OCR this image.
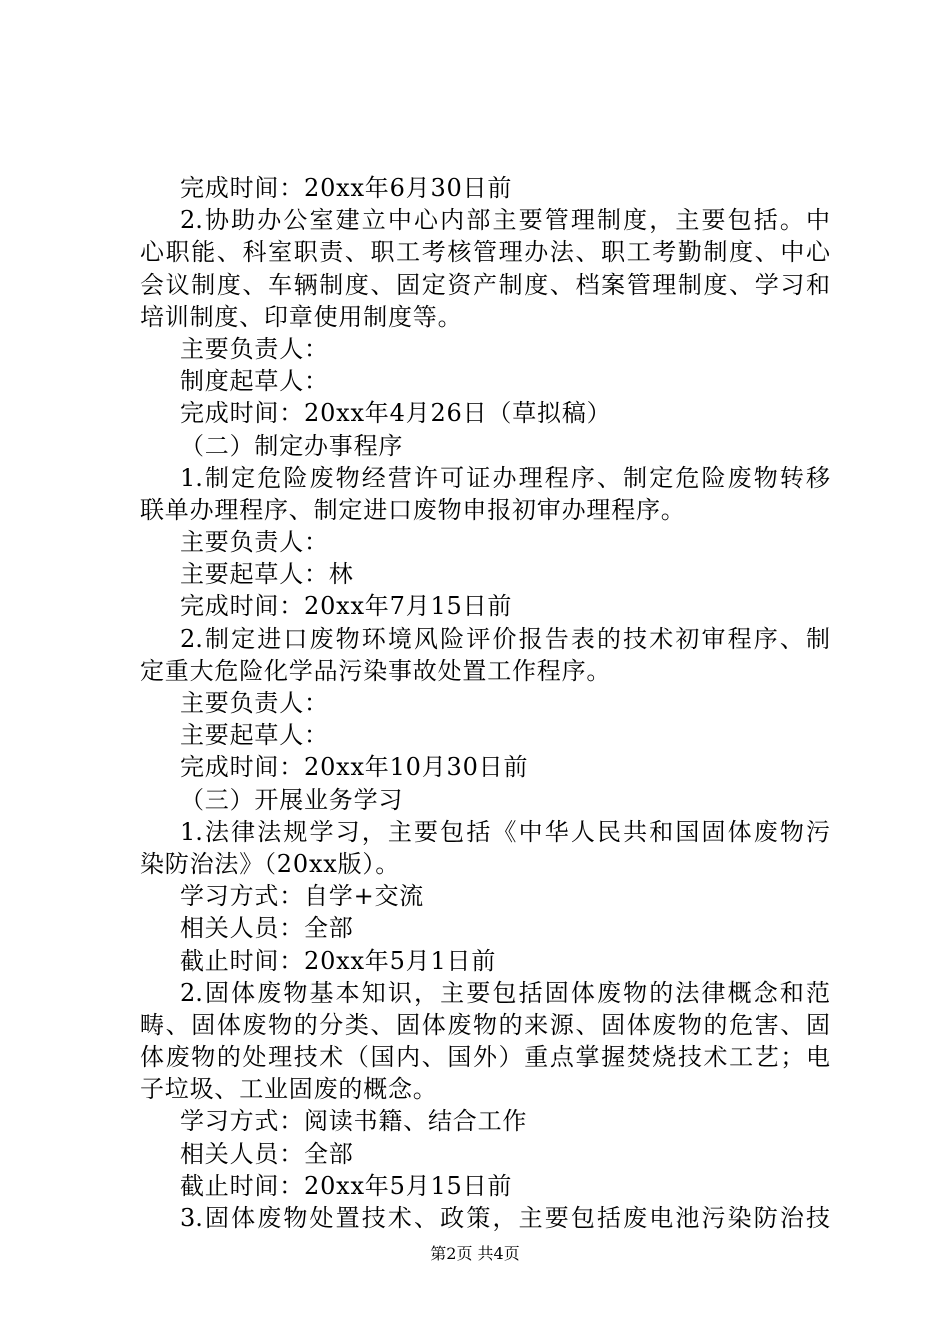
完成时间：20xx年6月30日前
2.协助办公室建立中心内部主要管理制度，主要包括。中
心职能、科室职责、职工考核管理办法、职工考勤制度、中心
会议制度、车辆制度、固定资产制度、档案管理制度、学习和
培训制度、印章使用制度等。
主要负责人：
制度起草人：
完成时间：20xx年4月26日（草拟稿）
（二）制定办事程序
1.制定危险废物经营许可证办理程序、制定危险废物转移
联单办理程序、制定进口废物申报初审办理程序。
主要负责人：
主要起草人：林
完成时间：20xx年7月15日前
2.制定进口废物环境风险评价报告表的技术初审程序、制
定重大危险化学品污染事故处置工作程序。
主要负责人：
主要起草人：
完成时间：20xx年10月30日前
（三）开展业务学习
1.法律法规学习，主要包括《中华人民共和国固体废物污
染防治法》（20xx版）。
学习方式：自学+交流
相关人员：全部
截止时间：20xx年5月1日前
2.固体废物基本知识，主要包括固体废物的法律概念和范
畴、固体废物的分类、固体废物的来源、固体废物的危害、固
体废物的处理技术（国内、国外）重点掌握焚烧技术工艺；电
子垃圾、工业固废的概念。
学习方式：阅读书籍、结合工作
相关人员：全部
截止时间：20xx年5月15日前
3.固体废物处置技术、政策，主要包括废电池污染防治技
第2页 共4页
